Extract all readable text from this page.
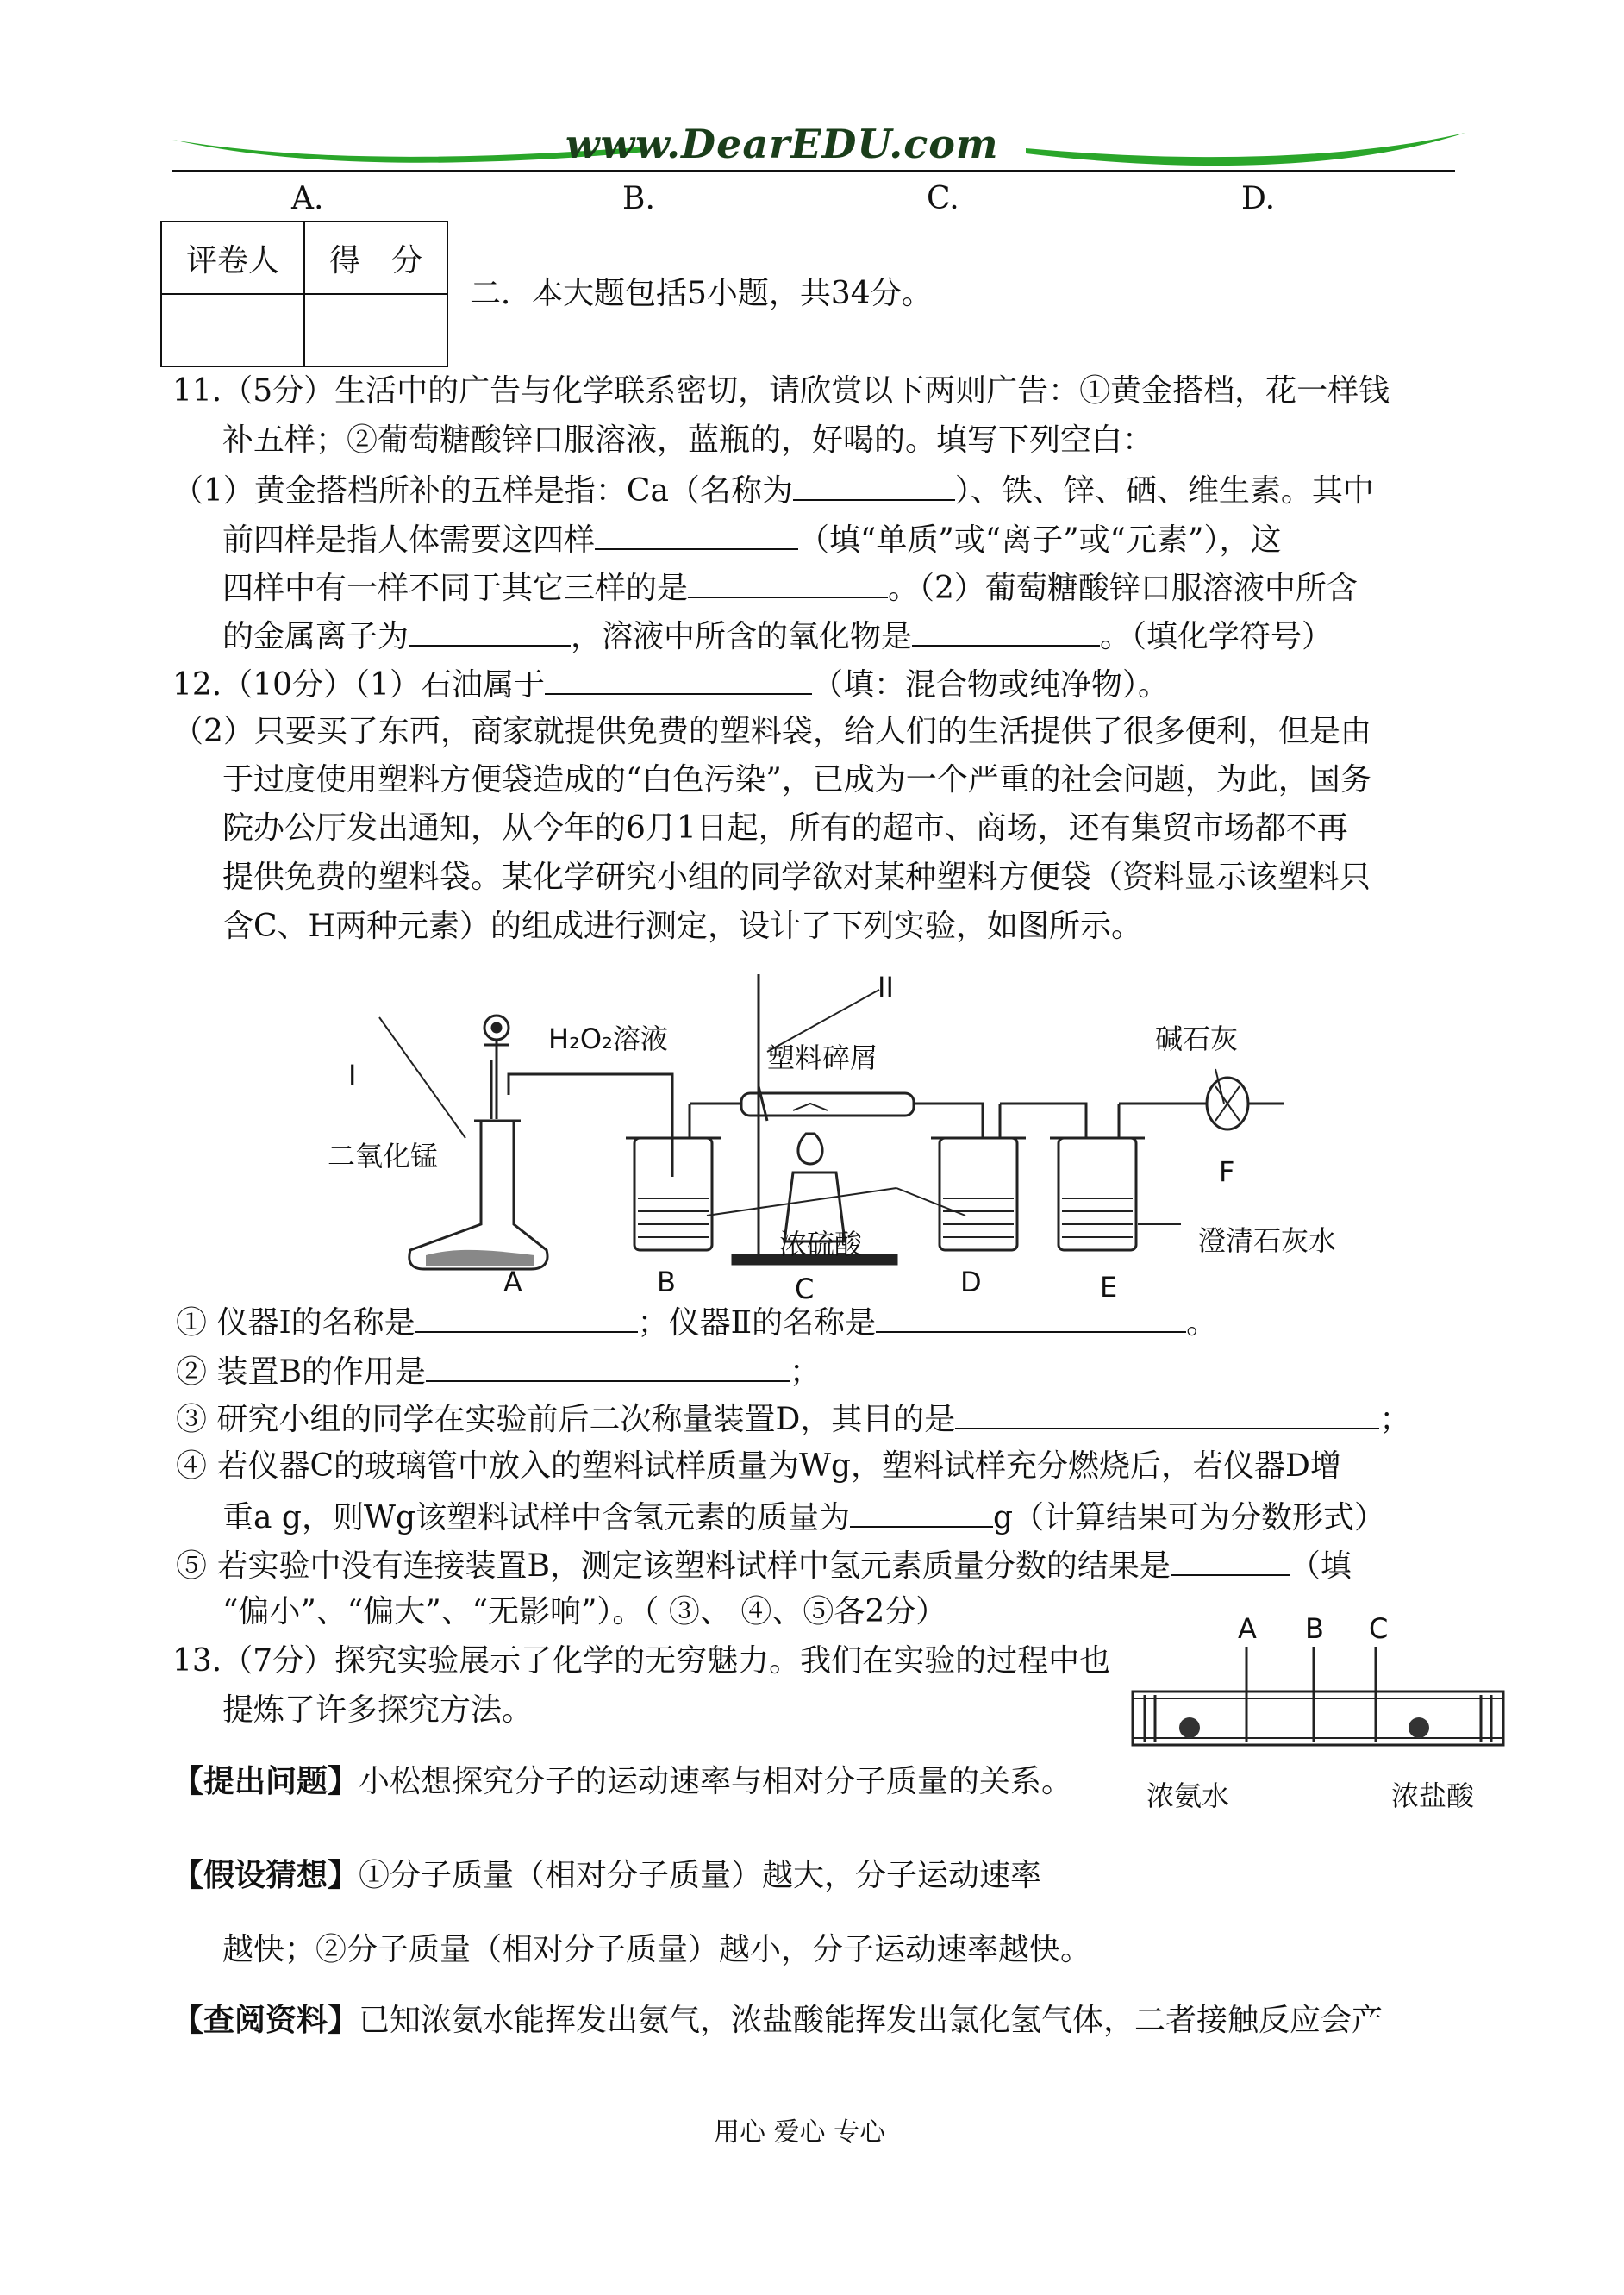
www.DearEDU.com
A.	B.	C.	D.
评卷人	得　分

二．本大题包括5小题，共34分。
11.（5分）生活中的广告与化学联系密切，请欣赏以下两则广告：①黄金搭档，花一样钱
补五样；②葡萄糖酸锌口服溶液，蓝瓶的，好喝的。填写下列空白：
（1）黄金搭档所补的五样是指：Ca（名称为	）、铁、锌、硒、维生素。其中
前四样是指人体需要这四样	（填“单质”或“离子”或“元素”），这
四样中有一样不同于其它三样的是	。（2）葡萄糖酸锌口服溶液中所含
的金属离子为	，溶液中所含的氧化物是	。（填化学符号）
12.（10分）（1）石油属于	（填：混合物或纯净物）。
（2）只要买了东西，商家就提供免费的塑料袋，给人们的生活提供了很多便利，但是由
于过度使用塑料方便袋造成的“白色污染”，已成为一个严重的社会问题，为此，国务
院办公厅发出通知，从今年的6月1日起，所有的超市、商场，还有集贸市场都不再
提供免费的塑料袋。某化学研究小组的同学欲对某种塑料方便袋（资料显示该塑料只
含C、H两种元素）的组成进行测定，设计了下列实验，如图所示。
I
II
H₂O₂溶液
塑料碎屑
碱石灰
二氧化锰
浓硫酸	澄清石灰水
F
A	B	C	D	E
① 仪器Ⅰ的名称是	；仪器Ⅱ的名称是	。
② 装置B的作用是	；
③ 研究小组的同学在实验前后二次称量装置D，其目的是	；
④ 若仪器C的玻璃管中放入的塑料试样质量为Wg，塑料试样充分燃烧后，若仪器D增
重a g，则Wg该塑料试样中含氢元素的质量为	g（计算结果可为分数形式）
⑤ 若实验中没有连接装置B，测定该塑料试样中氢元素质量分数的结果是	（填
“偏小”、“偏大”、“无影响”）。（ ③、 ④、⑤各2分）
13.（7分）探究实验展示了化学的无穷魅力。我们在实验的过程中也
提炼了许多探究方法。
A B C
浓氨水	浓盐酸
【提出问题】小松想探究分子的运动速率与相对分子质量的关系。
【假设猜想】①分子质量（相对分子质量）越大，分子运动速率
越快；②分子质量（相对分子质量）越小，分子运动速率越快。
【查阅资料】已知浓氨水能挥发出氨气，浓盐酸能挥发出氯化氢气体，二者接触反应会产
用心 爱心 专心
